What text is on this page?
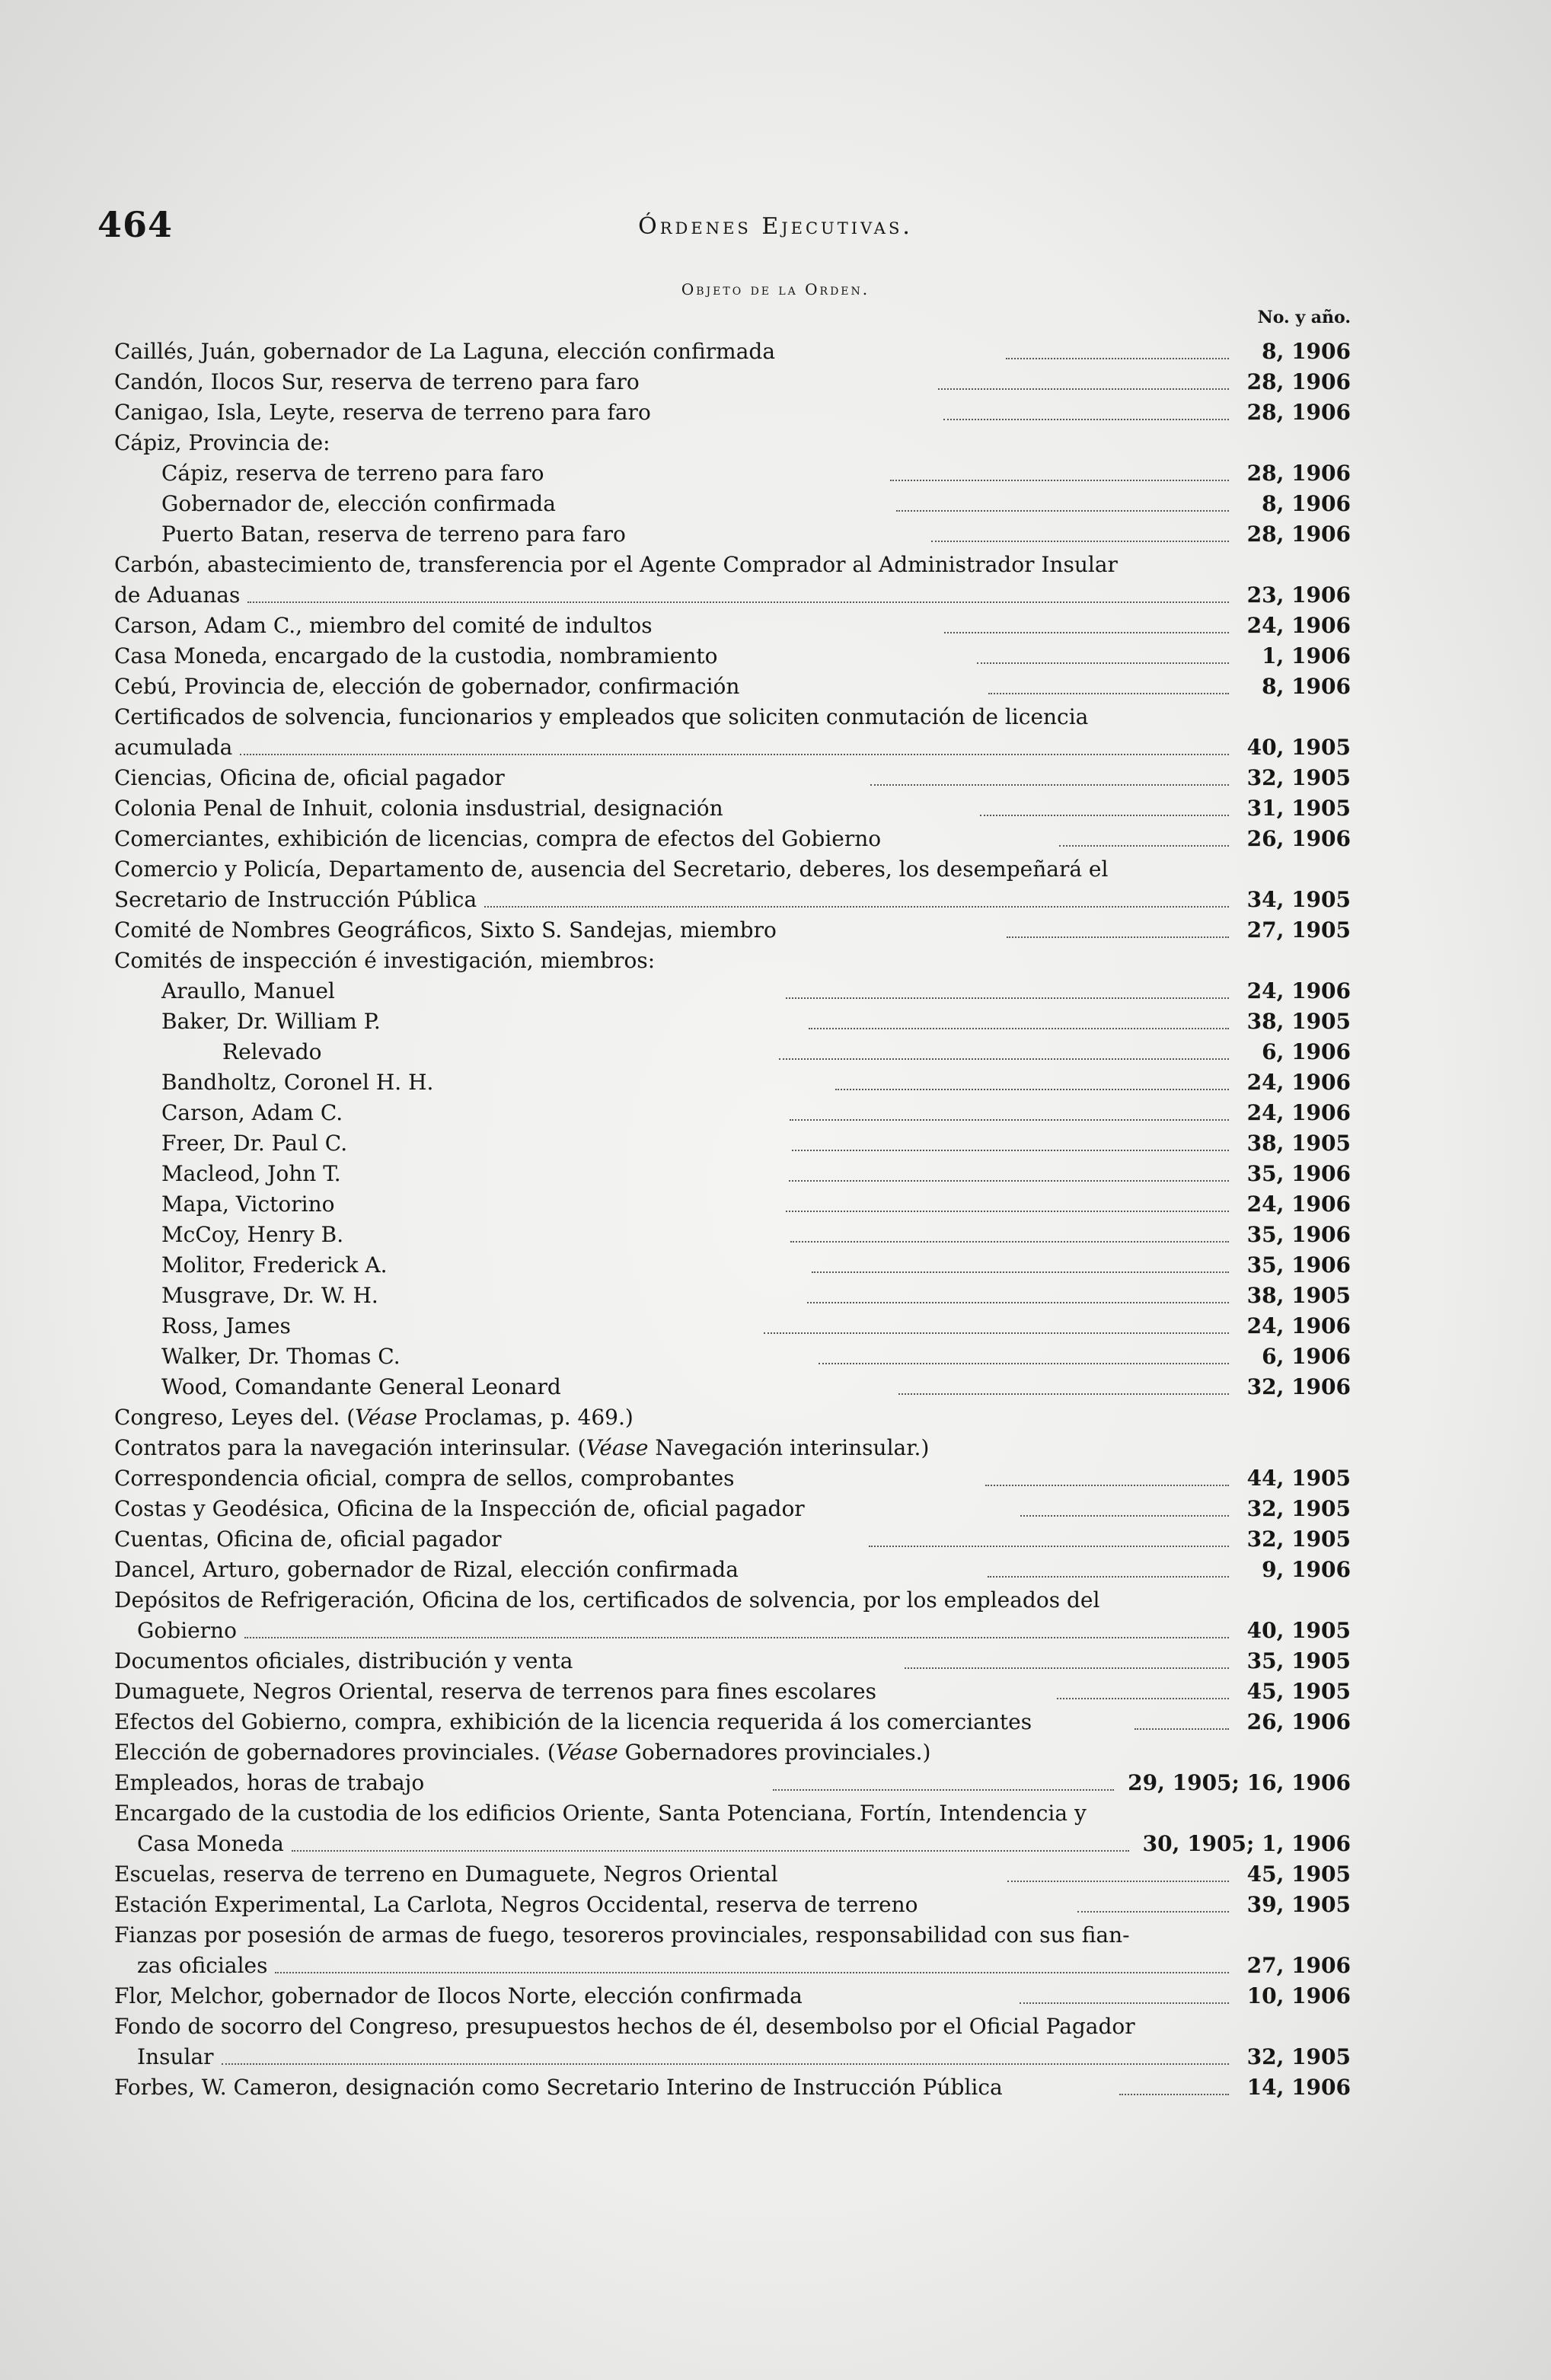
464	Órdenes Ejecutivas.
Objeto de la Orden.
No. y año.
Caillés, Juán, gobernador de La Laguna, elección confirmada	8, 1906
Candón, Ilocos Sur, reserva de terreno para faro	28, 1906
Canigao, Isla, Leyte, reserva de terreno para faro	28, 1906
Cápiz, Provincia de:
Cápiz, reserva de terreno para faro	28, 1906
Gobernador de, elección confirmada	8, 1906
Puerto Batan, reserva de terreno para faro	28, 1906
Carbón, abastecimiento de, transferencia por el Agente Comprador al Administrador Insular
de Aduanas	23, 1906
Carson, Adam C., miembro del comité de indultos	24, 1906
Casa Moneda, encargado de la custodia, nombramiento	1, 1906
Cebú, Provincia de, elección de gobernador, confirmación	8, 1906
Certificados de solvencia, funcionarios y empleados que soliciten conmutación de licencia
acumulada	40, 1905
Ciencias, Oficina de, oficial pagador	32, 1905
Colonia Penal de Inhuit, colonia insdustrial, designación	31, 1905
Comerciantes, exhibición de licencias, compra de efectos del Gobierno	26, 1906
Comercio y Policía, Departamento de, ausencia del Secretario, deberes, los desempeñará el
Secretario de Instrucción Pública	34, 1905
Comité de Nombres Geográficos, Sixto S. Sandejas, miembro	27, 1905
Comités de inspección é investigación, miembros:
Araullo, Manuel	24, 1906
Baker, Dr. William P.	38, 1905
Relevado	6, 1906
Bandholtz, Coronel H. H.	24, 1906
Carson, Adam C.	24, 1906
Freer, Dr. Paul C.	38, 1905
Macleod, John T.	35, 1906
Mapa, Victorino	24, 1906
McCoy, Henry B.	35, 1906
Molitor, Frederick A.	35, 1906
Musgrave, Dr. W. H.	38, 1905
Ross, James	24, 1906
Walker, Dr. Thomas C.	6, 1906
Wood, Comandante General Leonard	32, 1906
Congreso, Leyes del. (Véase Proclamas, p. 469.)
Contratos para la navegación interinsular. (Véase Navegación interinsular.)
Correspondencia oficial, compra de sellos, comprobantes	44, 1905
Costas y Geodésica, Oficina de la Inspección de, oficial pagador	32, 1905
Cuentas, Oficina de, oficial pagador	32, 1905
Dancel, Arturo, gobernador de Rizal, elección confirmada	9, 1906
Depósitos de Refrigeración, Oficina de los, certificados de solvencia, por los empleados del
Gobierno	40, 1905
Documentos oficiales, distribución y venta	35, 1905
Dumaguete, Negros Oriental, reserva de terrenos para fines escolares	45, 1905
Efectos del Gobierno, compra, exhibición de la licencia requerida á los comerciantes	26, 1906
Elección de gobernadores provinciales. (Véase Gobernadores provinciales.)
Empleados, horas de trabajo	29, 1905; 16, 1906
Encargado de la custodia de los edificios Oriente, Santa Potenciana, Fortín, Intendencia y
Casa Moneda	30, 1905; 1, 1906
Escuelas, reserva de terreno en Dumaguete, Negros Oriental	45, 1905
Estación Experimental, La Carlota, Negros Occidental, reserva de terreno	39, 1905
Fianzas por posesión de armas de fuego, tesoreros provinciales, responsabilidad con sus fian-
zas oficiales	27, 1906
Flor, Melchor, gobernador de Ilocos Norte, elección confirmada	10, 1906
Fondo de socorro del Congreso, presupuestos hechos de él, desembolso por el Oficial Pagador
Insular	32, 1905
Forbes, W. Cameron, designación como Secretario Interino de Instrucción Pública	14, 1906
